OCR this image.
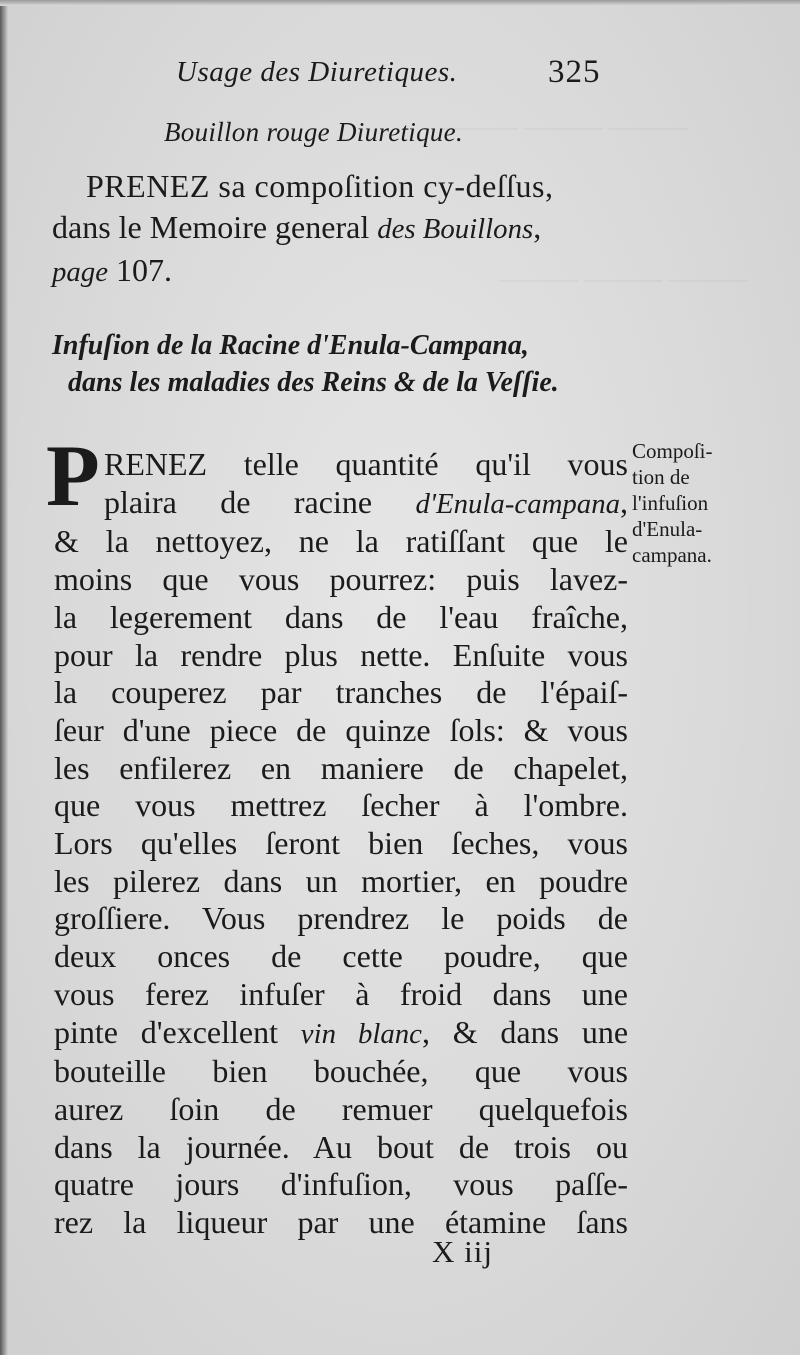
——— ——— ———
——— ——— ———
Usage des Diuretiques.	325
Bouillon rouge Diuretique.
PRENEZ sa compoſition cy-deſſus,
dans le Memoire general des Bouillons,
page 107.
Infuſion de la Racine d'Enula-Campana,
dans les maladies des Reins & de la Veſſie.
P RENEZ telle quantité qu'il vous
plaira de racine d'Enula-campana,
& la nettoyez, ne la ratiſſant que le
moins que vous pourrez: puis lavez-
la legerement dans de l'eau fraîche,
pour la rendre plus nette. Enſuite vous
la couperez par tranches de l'épaiſ-
ſeur d'une piece de quinze ſols: & vous
les enfilerez en maniere de chapelet,
que vous mettrez ſecher à l'ombre.
Lors qu'elles ſeront bien ſeches, vous
les pilerez dans un mortier, en poudre
groſſiere. Vous prendrez le poids de
deux onces de cette poudre, que
vous ferez infuſer à froid dans une
pinte d'excellent vin blanc, & dans une
bouteille bien bouchée, que vous
aurez ſoin de remuer quelquefois
dans la journée. Au bout de trois ou
quatre jours d'infuſion, vous paſſe-
rez la liqueur par une étamine ſans
Compoſi-
tion de
l'infuſion
d'Enula-
campana.
X iij
